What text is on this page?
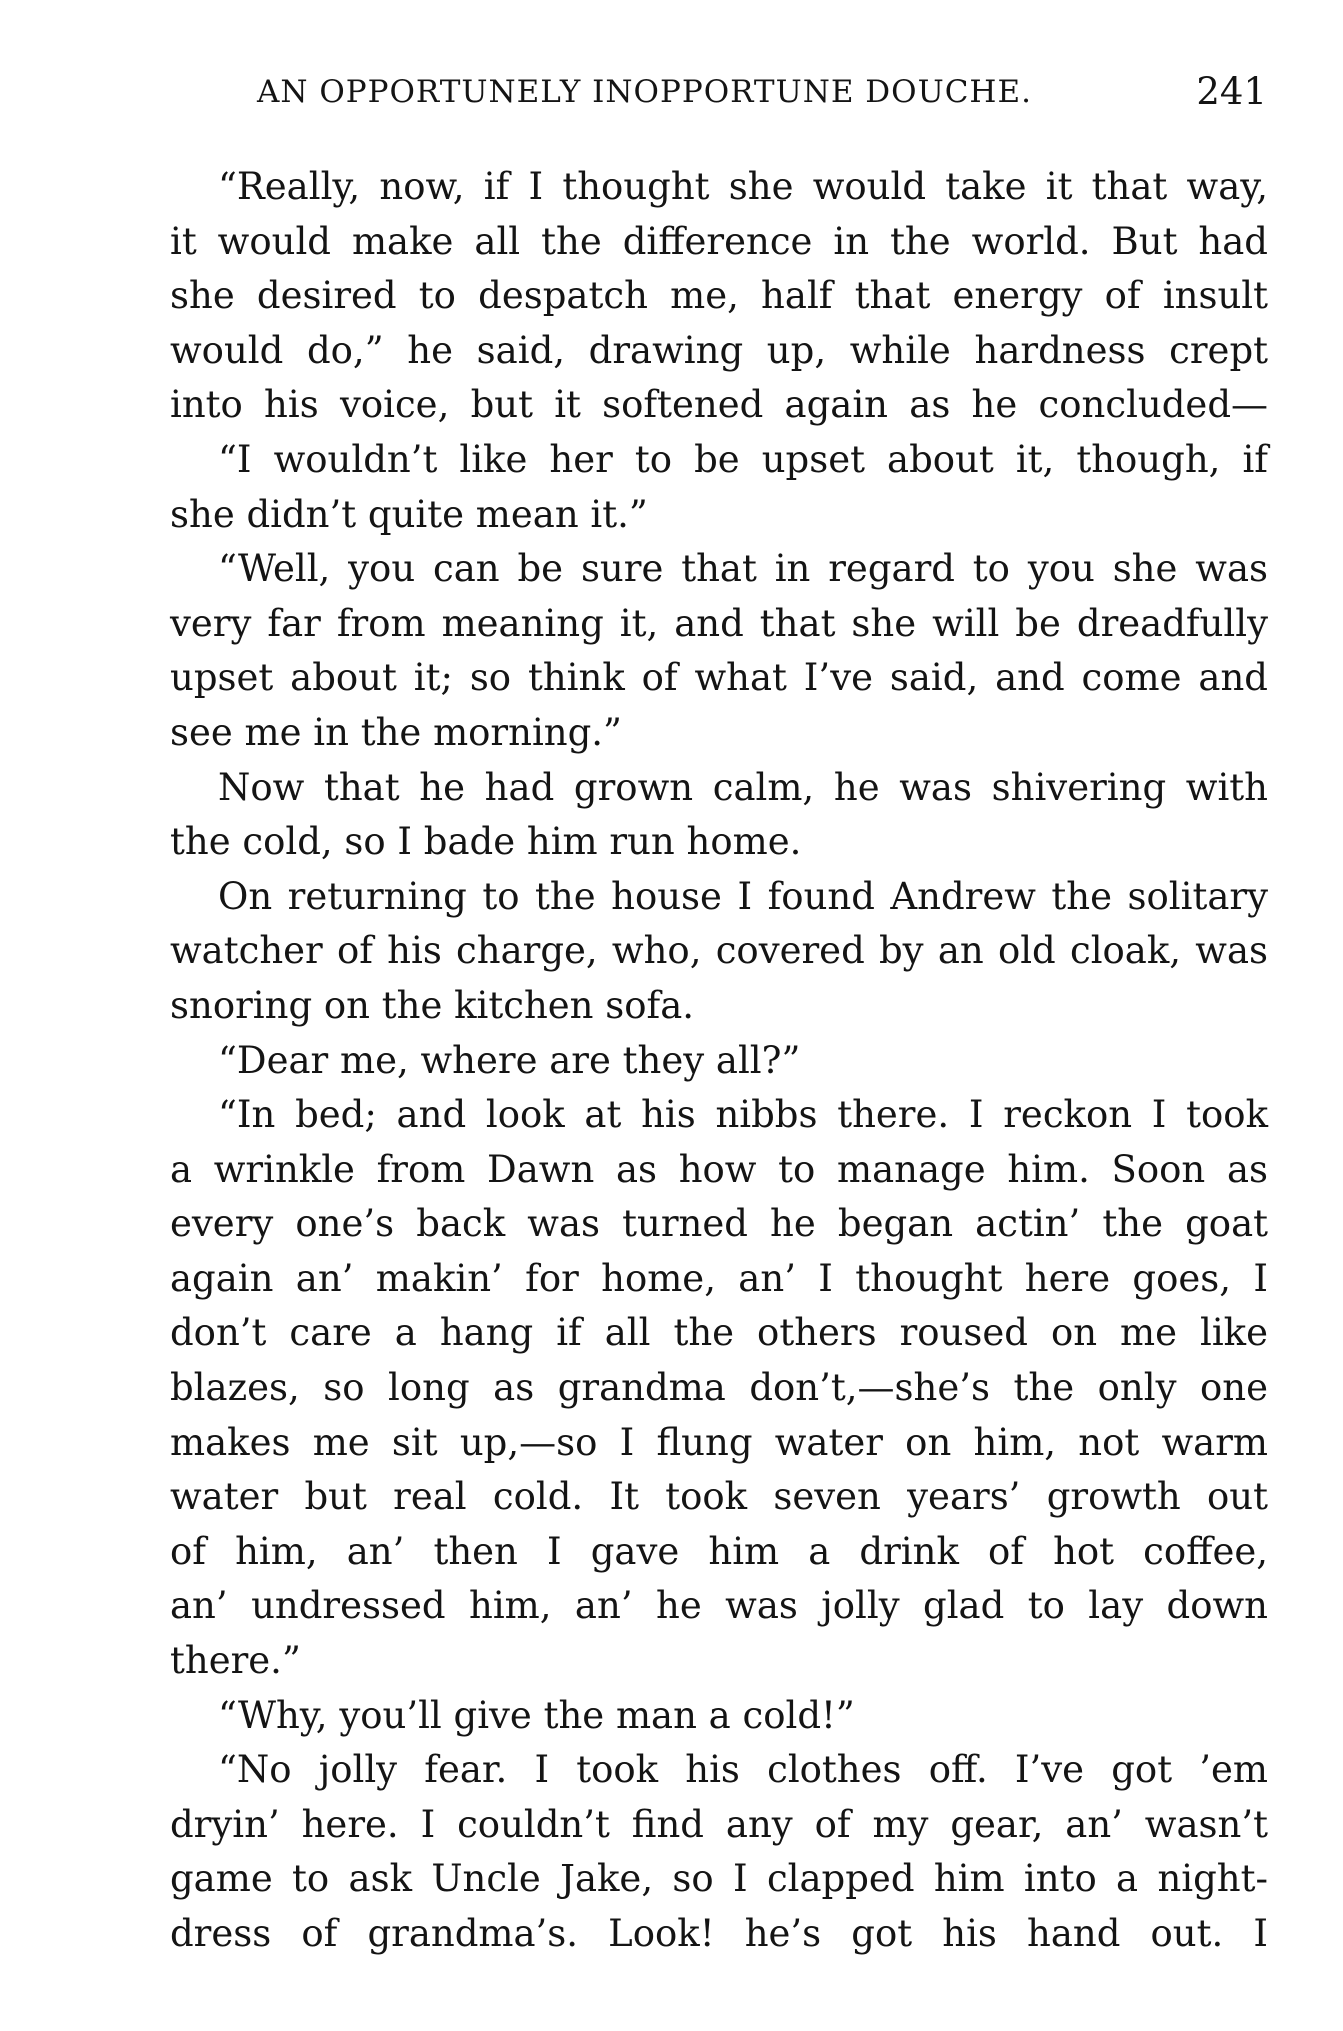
AN OPPORTUNELY INOPPORTUNE DOUCHE.	241
“Really, now, if I thought she would take it that way,
it would make all the difference in the world. But had
she desired to despatch me, half that energy of insult
would do,” he said, drawing up, while hardness crept
into his voice, but it softened again as he concluded—
“I wouldn’t like her to be upset about it, though, if
she didn’t quite mean it.”
“Well, you can be sure that in regard to you she was
very far from meaning it, and that she will be dreadfully
upset about it; so think of what I’ve said, and come and
see me in the morning.”
Now that he had grown calm, he was shivering with
the cold, so I bade him run home.
On returning to the house I found Andrew the solitary
watcher of his charge, who, covered by an old cloak, was
snoring on the kitchen sofa.
“Dear me, where are they all?”
“In bed; and look at his nibbs there. I reckon I took
a wrinkle from Dawn as how to manage him. Soon as
every one’s back was turned he began actin’ the goat
again an’ makin’ for home, an’ I thought here goes, I
don’t care a hang if all the others roused on me like
blazes, so long as grandma don’t,—she’s the only one
makes me sit up,—so I flung water on him, not warm
water but real cold. It took seven years’ growth out
of him, an’ then I gave him a drink of hot coffee,
an’ undressed him, an’ he was jolly glad to lay down
there.”
“Why, you’ll give the man a cold!”
“No jolly fear. I took his clothes off. I’ve got ’em
dryin’ here. I couldn’t find any of my gear, an’ wasn’t
game to ask Uncle Jake, so I clapped him into a night-
dress of grandma’s. Look! he’s got his hand out. I
